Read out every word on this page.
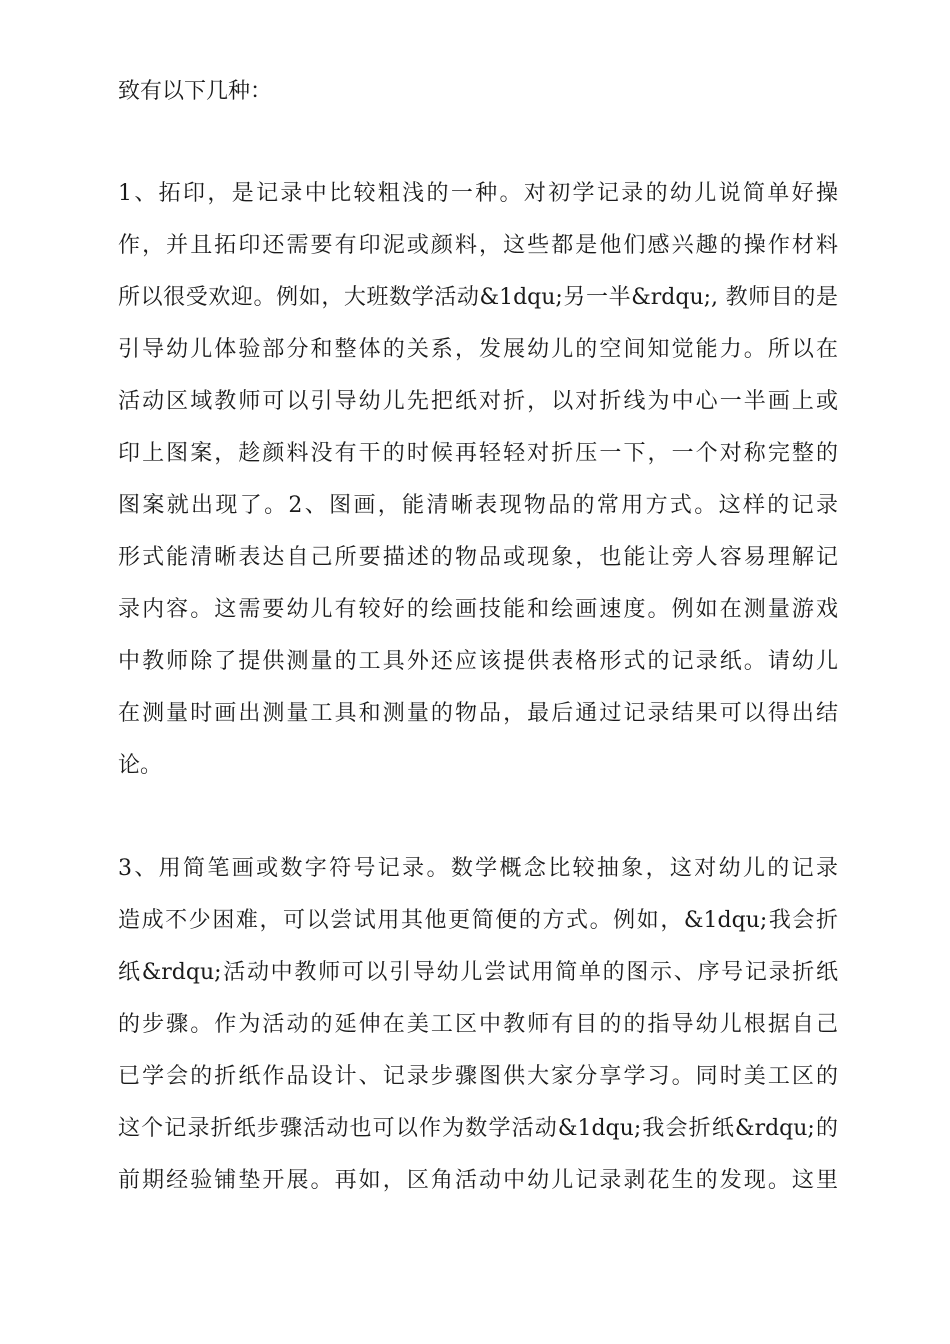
致有以下几种：
1、拓印，是记录中比较粗浅的一种。对初学记录的幼儿说简单好操
作，并且拓印还需要有印泥或颜料，这些都是他们感兴趣的操作材料
所以很受欢迎。例如，大班数学活动&1dqu;另一半&rdqu;, 教师目的是
引导幼儿体验部分和整体的关系，发展幼儿的空间知觉能力。所以在
活动区域教师可以引导幼儿先把纸对折，以对折线为中心一半画上或
印上图案，趁颜料没有干的时候再轻轻对折压一下，一个对称完整的
图案就出现了。2、图画，能清晰表现物品的常用方式。这样的记录
形式能清晰表达自己所要描述的物品或现象，也能让旁人容易理解记
录内容。这需要幼儿有较好的绘画技能和绘画速度。例如在测量游戏
中教师除了提供测量的工具外还应该提供表格形式的记录纸。请幼儿
在测量时画出测量工具和测量的物品，最后通过记录结果可以得出结
论。
3、用简笔画或数字符号记录。数学概念比较抽象，这对幼儿的记录
造成不少困难，可以尝试用其他更简便的方式。例如，&1dqu;我会折
纸&rdqu;活动中教师可以引导幼儿尝试用简单的图示、序号记录折纸
的步骤。作为活动的延伸在美工区中教师有目的的指导幼儿根据自己
已学会的折纸作品设计、记录步骤图供大家分享学习。同时美工区的
这个记录折纸步骤活动也可以作为数学活动&1dqu;我会折纸&rdqu;的
前期经验铺垫开展。再如，区角活动中幼儿记录剥花生的发现。这里
